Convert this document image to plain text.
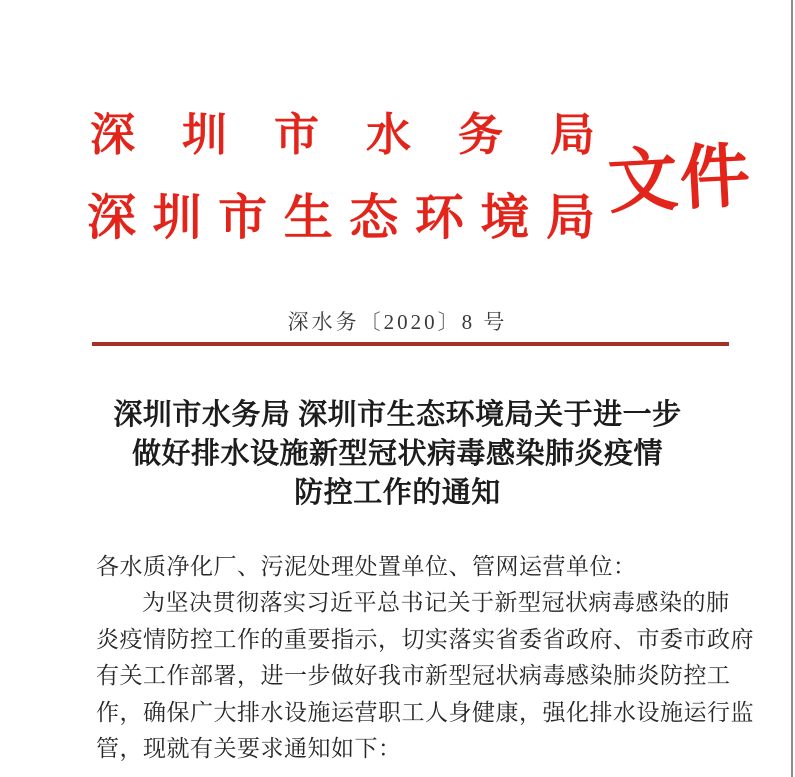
深 圳 市 水 务 局
深 圳 市 生 态 环 境 局 文件
深水务〔2020〕8 号
深圳市水务局 深圳市生态环境局关于进一步
做好排水设施新型冠状病毒感染肺炎疫情
防控工作的通知
各水质净化厂、污泥处理处置单位、管网运营单位：
为坚决贯彻落实习近平总书记关于新型冠状病毒感染的肺
炎疫情防控工作的重要指示，切实落实省委省政府、市委市政府
有关工作部署，进一步做好我市新型冠状病毒感染肺炎防控工
作，确保广大排水设施运营职工人身健康，强化排水设施运行监
管，现就有关要求通知如下：
